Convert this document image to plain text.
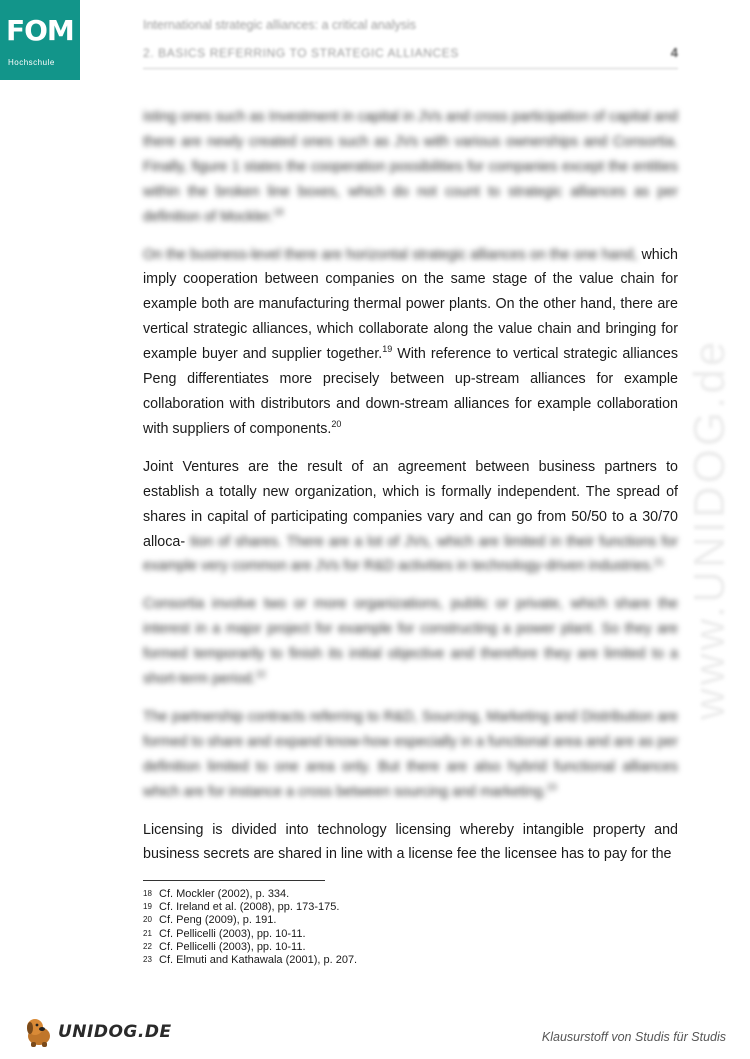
FOM
Hochschule
International strategic alliances: a critical analysis
2. BASICS REFERRING TO STRATEGIC ALLIANCES	4
www.UNIDOG.de

isting ones such as Investment in capital in JVs and cross participation of capital and there are newly created ones such as JVs with various ownerships and Consortia. Finally, figure 1 states the cooperation possibilities for companies except the entities within the broken line boxes, which do not count to strategic alliances as per definition of Mockler.$^{18}$

On the business-level there are horizontal strategic alliances on the one hand, which imply cooperation between companies on the same stage of the value chain for example both are manufacturing thermal power plants. On the other hand, there are vertical strategic alliances, which collaborate along the value chain and bringing for example buyer and supplier together.$^{19}$ With reference to vertical strategic alliances Peng differentiates more precisely between up-stream alliances for example collaboration with distributors and down-stream alliances for example collaboration with suppliers of components.$^{20}$

Joint Ventures are the result of an agreement between business partners to establish a totally new organization, which is formally independent. The spread of shares in capital of participating companies vary and can go from 50/50 to a 30/70 alloca- tion of shares. There are a lot of JVs, which are limited in their functions for example very common are JVs for R&D activities in technology-driven industries.$^{21}$

Consortia involve two or more organizations, public or private, which share the interest in a major project for example for constructing a power plant. So they are formed temporarily to finish its initial objective and therefore they are limited to a short-term period.$^{22}$

The partnership contracts referring to R&D, Sourcing, Marketing and Distribution are formed to share and expand know-how especially in a functional area and are as per definition limited to one area only. But there are also hybrid functional alliances which are for instance a cross between sourcing and marketing.$^{23}$

Licensing is divided into technology licensing whereby intangible property and business secrets are shared in line with a license fee the licensee has to pay for the

18 Cf. Mockler (2002), p. 334.
19 Cf. Ireland et al. (2008), pp. 173-175.
20 Cf. Peng (2009), p. 191.
21 Cf. Pellicelli (2003), pp. 10-11.
22 Cf. Pellicelli (2003), pp. 10-11.
23 Cf. Elmuti and Kathawala (2001), p. 207.
UNIDOG.DE	Klausurstoff von Studis für Studis
